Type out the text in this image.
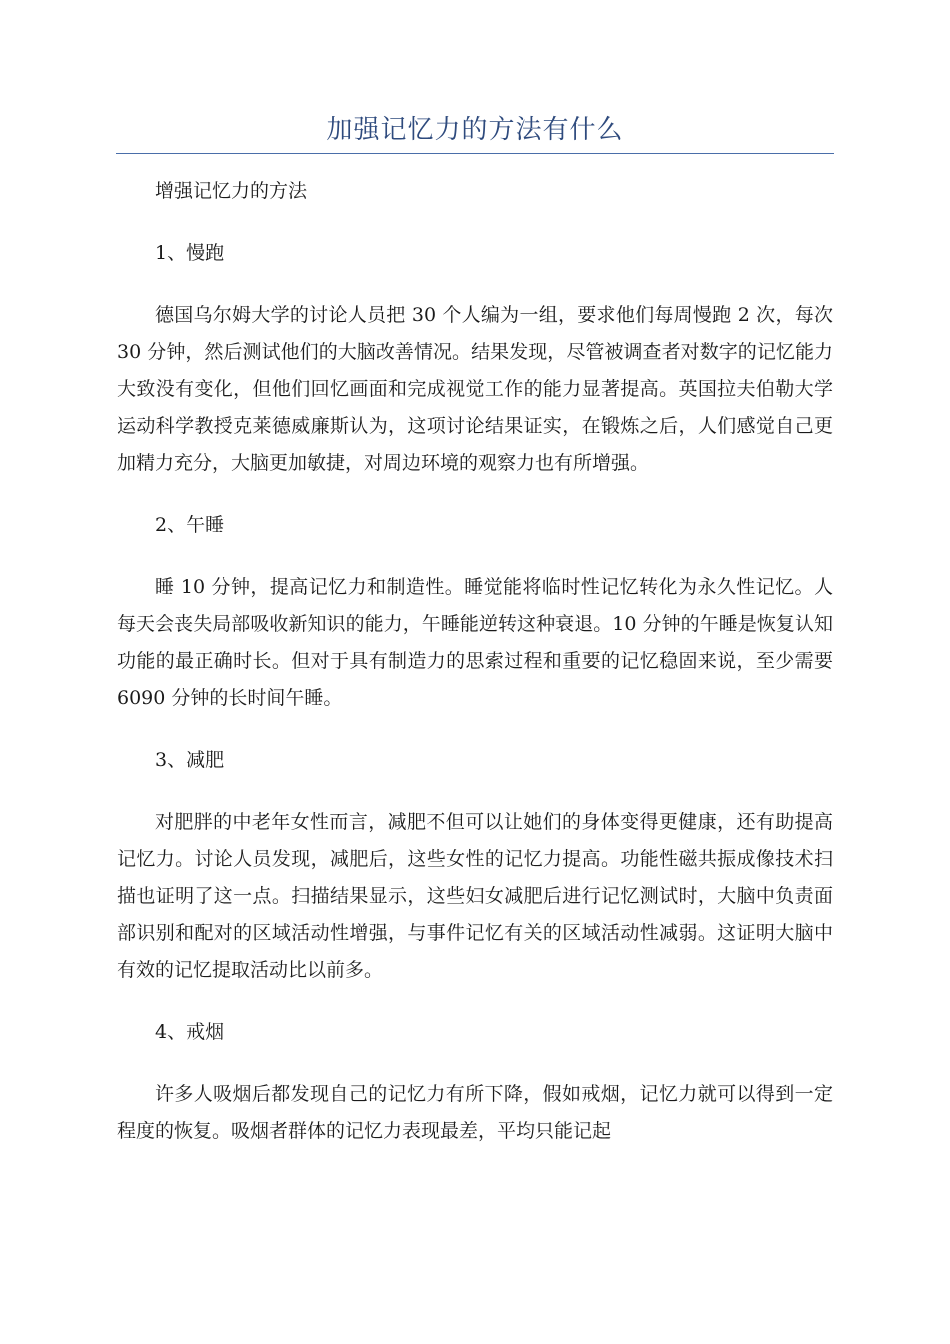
加强记忆力的方法有什么

增强记忆力的方法

1、慢跑

德国乌尔姆大学的讨论人员把 30 个人编为一组，要求他们每周慢跑 2 次，每次 30 分钟，然后测试他们的大脑改善情况。结果发现，尽管被调查者对数字的记忆能力大致没有变化，但他们回忆画面和完成视觉工作的能力显著提高。英国拉夫伯勒大学运动科学教授克莱德威廉斯认为，这项讨论结果证实，在锻炼之后，人们感觉自己更加精力充分，大脑更加敏捷，对周边环境的观察力也有所增强。

2、午睡

睡 10 分钟，提高记忆力和制造性。睡觉能将临时性记忆转化为永久性记忆。人每天会丧失局部吸收新知识的能力，午睡能逆转这种衰退。10 分钟的午睡是恢复认知功能的最正确时长。但对于具有制造力的思索过程和重要的记忆稳固来说，至少需要 6090 分钟的长时间午睡。

3、减肥

对肥胖的中老年女性而言，减肥不但可以让她们的身体变得更健康，还有助提高记忆力。讨论人员发现，减肥后，这些女性的记忆力提高。功能性磁共振成像技术扫描也证明了这一点。扫描结果显示，这些妇女减肥后进行记忆测试时，大脑中负责面部识别和配对的区域活动性增强，与事件记忆有关的区域活动性减弱。这证明大脑中有效的记忆提取活动比以前多。

4、戒烟

许多人吸烟后都发现自己的记忆力有所下降，假如戒烟，记忆力就可以得到一定程度的恢复。吸烟者群体的记忆力表现最差，平均只能记起
